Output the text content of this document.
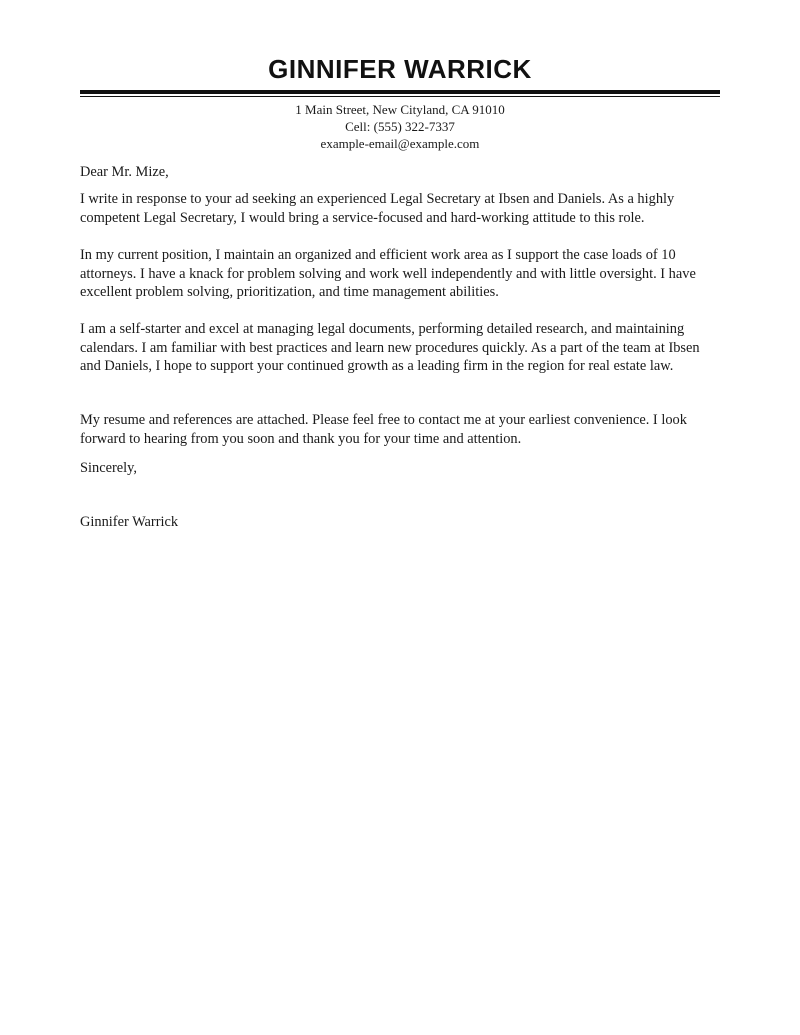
GINNIFER WARRICK
1 Main Street, New Cityland, CA 91010
Cell: (555) 322-7337
example-email@example.com

Dear Mr. Mize,

I write in response to your ad seeking an experienced Legal Secretary at Ibsen and Daniels. As a highly competent Legal Secretary, I would bring a service-focused and hard-working attitude to this role.

In my current position, I maintain an organized and efficient work area as I support the case loads of 10 attorneys. I have a knack for problem solving and work well independently and with little oversight. I have excellent problem solving, prioritization, and time management abilities.

I am a self-starter and excel at managing legal documents, performing detailed research, and maintaining calendars. I am familiar with best practices and learn new procedures quickly. As a part of the team at Ibsen and Daniels, I hope to support your continued growth as a leading firm in the region for real estate law.

My resume and references are attached. Please feel free to contact me at your earliest convenience. I look forward to hearing from you soon and thank you for your time and attention.

Sincerely,

Ginnifer Warrick
